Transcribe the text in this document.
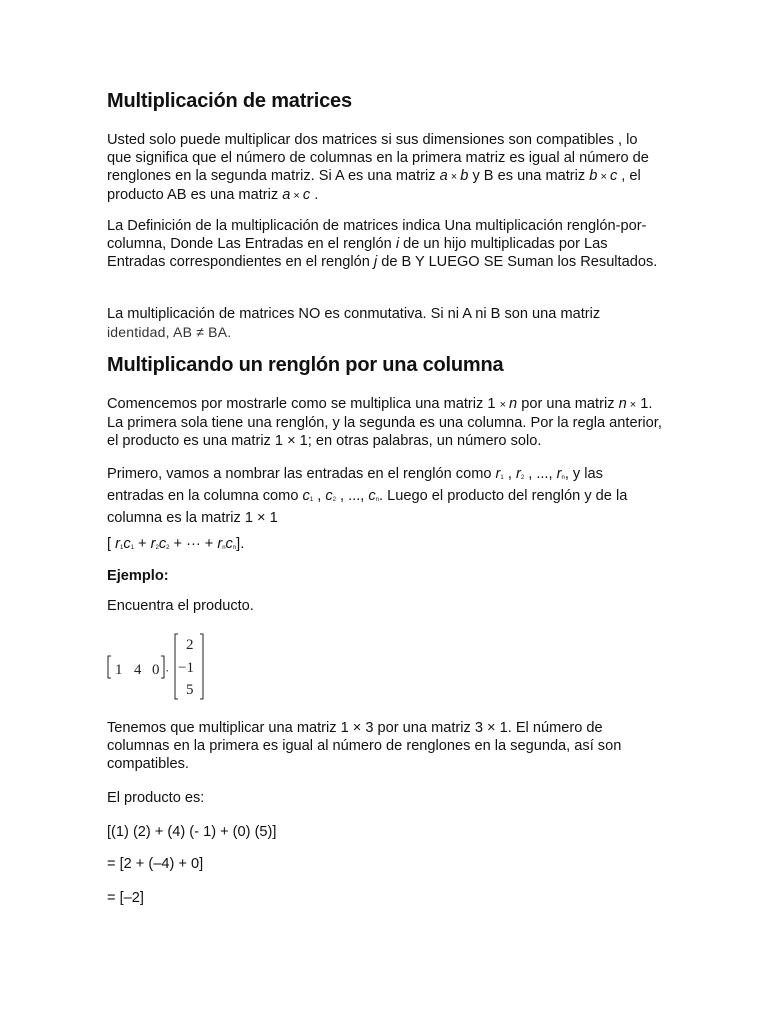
Multiplicación de matrices

Usted solo puede multiplicar dos matrices si sus dimensiones son compatibles , lo que significa que el número de columnas en la primera matriz es igual al número de renglones en la segunda matriz. Si A es una matriz a × b y B es una matriz b × c , el producto AB es una matriz a × c .

La Definición de la multiplicación de matrices indica Una multiplicación renglón-por-columna, Donde Las Entradas en el renglón i de un hijo multiplicadas por Las Entradas correspondientes en el renglón j de B Y LUEGO SE Suman los Resultados.

La multiplicación de matrices NO es conmutativa. Si ni A ni B son una matriz identidad, AB ≠ BA.

Multiplicando un renglón por una columna

Comencemos por mostrarle como se multiplica una matriz 1 × n por una matriz n × 1. La primera sola tiene una renglón, y la segunda es una columna. Por la regla anterior, el producto es una matriz 1 × 1; en otras palabras, un número solo.

Primero, vamos a nombrar las entradas en el renglón como $r_1$ , $r_2$ , ..., $r_n$, y las entradas en la columna como $c_1$ , $c_2$ , ..., $c_n$. Luego el producto del renglón y de la columna es la matriz 1 × 1

[ $r_1c_1 + r_2c_2$ + ··· + $r_nc_n$].

Ejemplo:

Encuentra el producto.

1 4 0 ·
2
−1
5

Tenemos que multiplicar una matriz 1 × 3 por una matriz 3 × 1. El número de columnas en la primera es igual al número de renglones en la segunda, así son compatibles.

El producto es:

[(1) (2) + (4) (- 1) + (0) (5)]

= [2 + (–4) + 0]

= [–2]
